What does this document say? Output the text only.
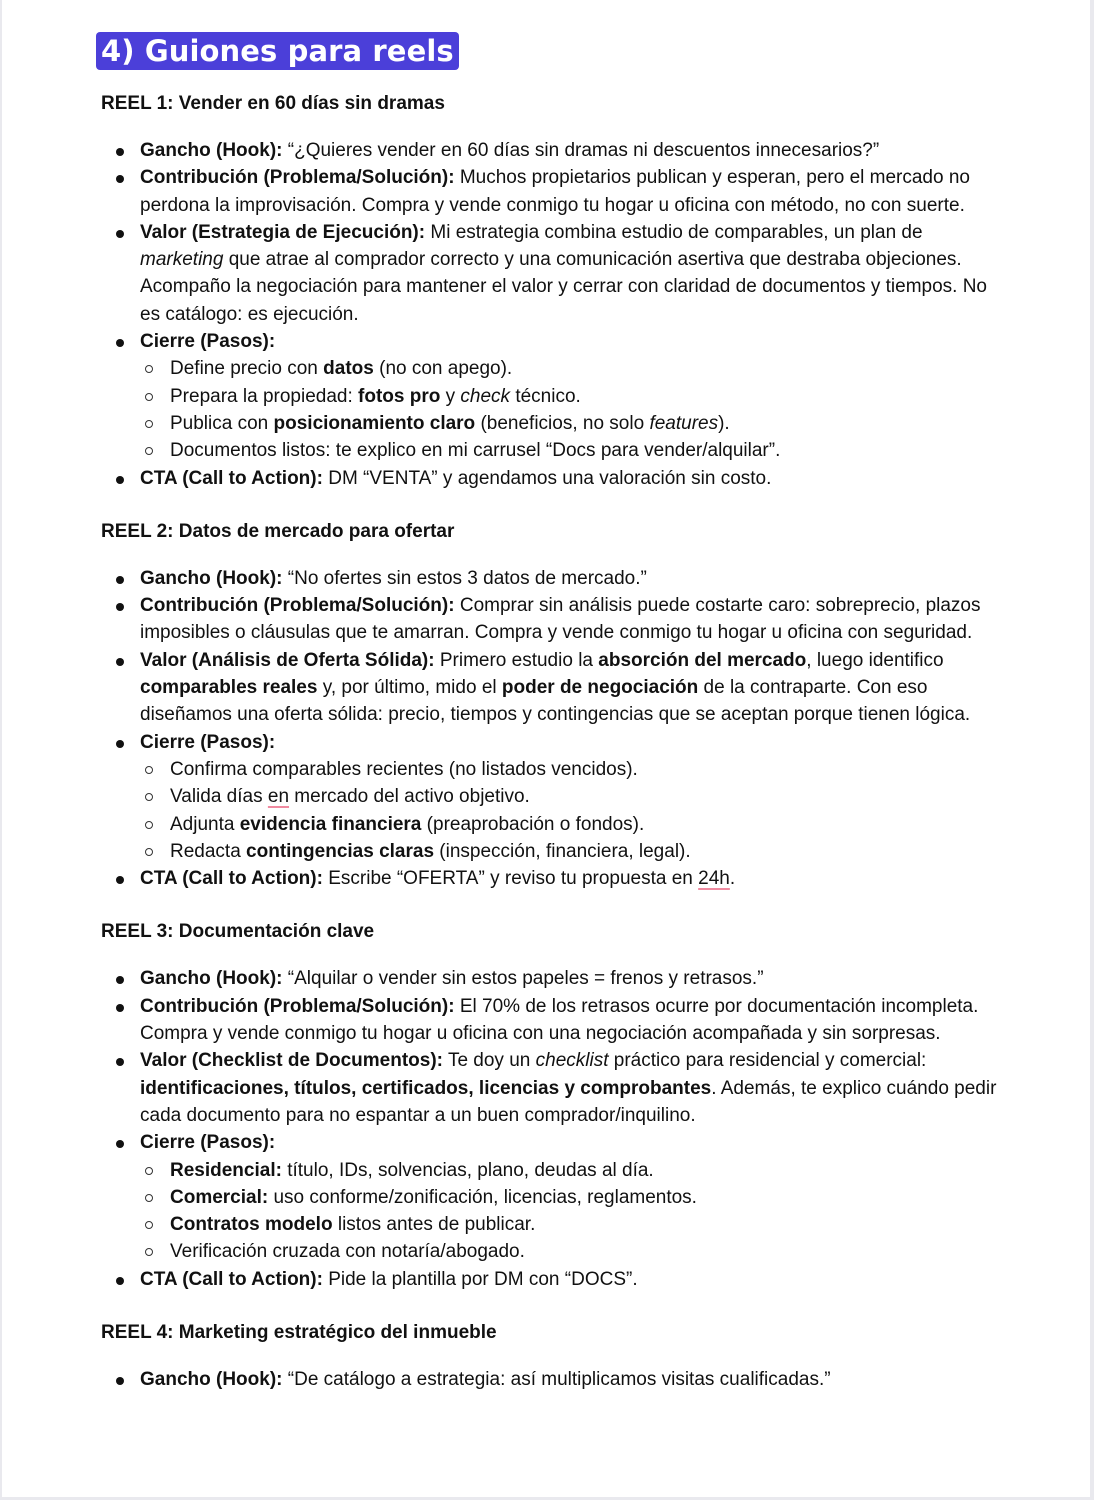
4) Guiones para reels

REEL 1: Vender en 60 días sin dramas

Gancho (Hook): “¿Quieres vender en 60 días sin dramas ni descuentos innecesarios?”
Contribución (Problema/Solución): Muchos propietarios publican y esperan, pero el mercado no perdona la improvisación. Compra y vende conmigo tu hogar u oficina con método, no con suerte.
Valor (Estrategia de Ejecución): Mi estrategia combina estudio de comparables, un plan de marketing que atrae al comprador correcto y una comunicación asertiva que destraba objeciones. Acompaño la negociación para mantener el valor y cerrar con claridad de documentos y tiempos. No es catálogo: es ejecución.
Cierre (Pasos):
Define precio con datos (no con apego).
Prepara la propiedad: fotos pro y check técnico.
Publica con posicionamiento claro (beneficios, no solo features).
Documentos listos: te explico en mi carrusel “Docs para vender/alquilar”.
CTA (Call to Action): DM “VENTA” y agendamos una valoración sin costo.

REEL 2: Datos de mercado para ofertar

Gancho (Hook): “No ofertes sin estos 3 datos de mercado.”
Contribución (Problema/Solución): Comprar sin análisis puede costarte caro: sobreprecio, plazos imposibles o cláusulas que te amarran. Compra y vende conmigo tu hogar u oficina con seguridad.
Valor (Análisis de Oferta Sólida): Primero estudio la absorción del mercado, luego identifico comparables reales y, por último, mido el poder de negociación de la contraparte. Con eso diseñamos una oferta sólida: precio, tiempos y contingencias que se aceptan porque tienen lógica.
Cierre (Pasos):
Confirma comparables recientes (no listados vencidos).
Valida días en mercado del activo objetivo.
Adjunta evidencia financiera (preaprobación o fondos).
Redacta contingencias claras (inspección, financiera, legal).
CTA (Call to Action): Escribe “OFERTA” y reviso tu propuesta en 24h.

REEL 3: Documentación clave

Gancho (Hook): “Alquilar o vender sin estos papeles = frenos y retrasos.”
Contribución (Problema/Solución): El 70% de los retrasos ocurre por documentación incompleta. Compra y vende conmigo tu hogar u oficina con una negociación acompañada y sin sorpresas.
Valor (Checklist de Documentos): Te doy un checklist práctico para residencial y comercial: identificaciones, títulos, certificados, licencias y comprobantes. Además, te explico cuándo pedir cada documento para no espantar a un buen comprador/inquilino.
Cierre (Pasos):
Residencial: título, IDs, solvencias, plano, deudas al día.
Comercial: uso conforme/zonificación, licencias, reglamentos.
Contratos modelo listos antes de publicar.
Verificación cruzada con notaría/abogado.
CTA (Call to Action): Pide la plantilla por DM con “DOCS”.

REEL 4: Marketing estratégico del inmueble

Gancho (Hook): “De catálogo a estrategia: así multiplicamos visitas cualificadas.”
